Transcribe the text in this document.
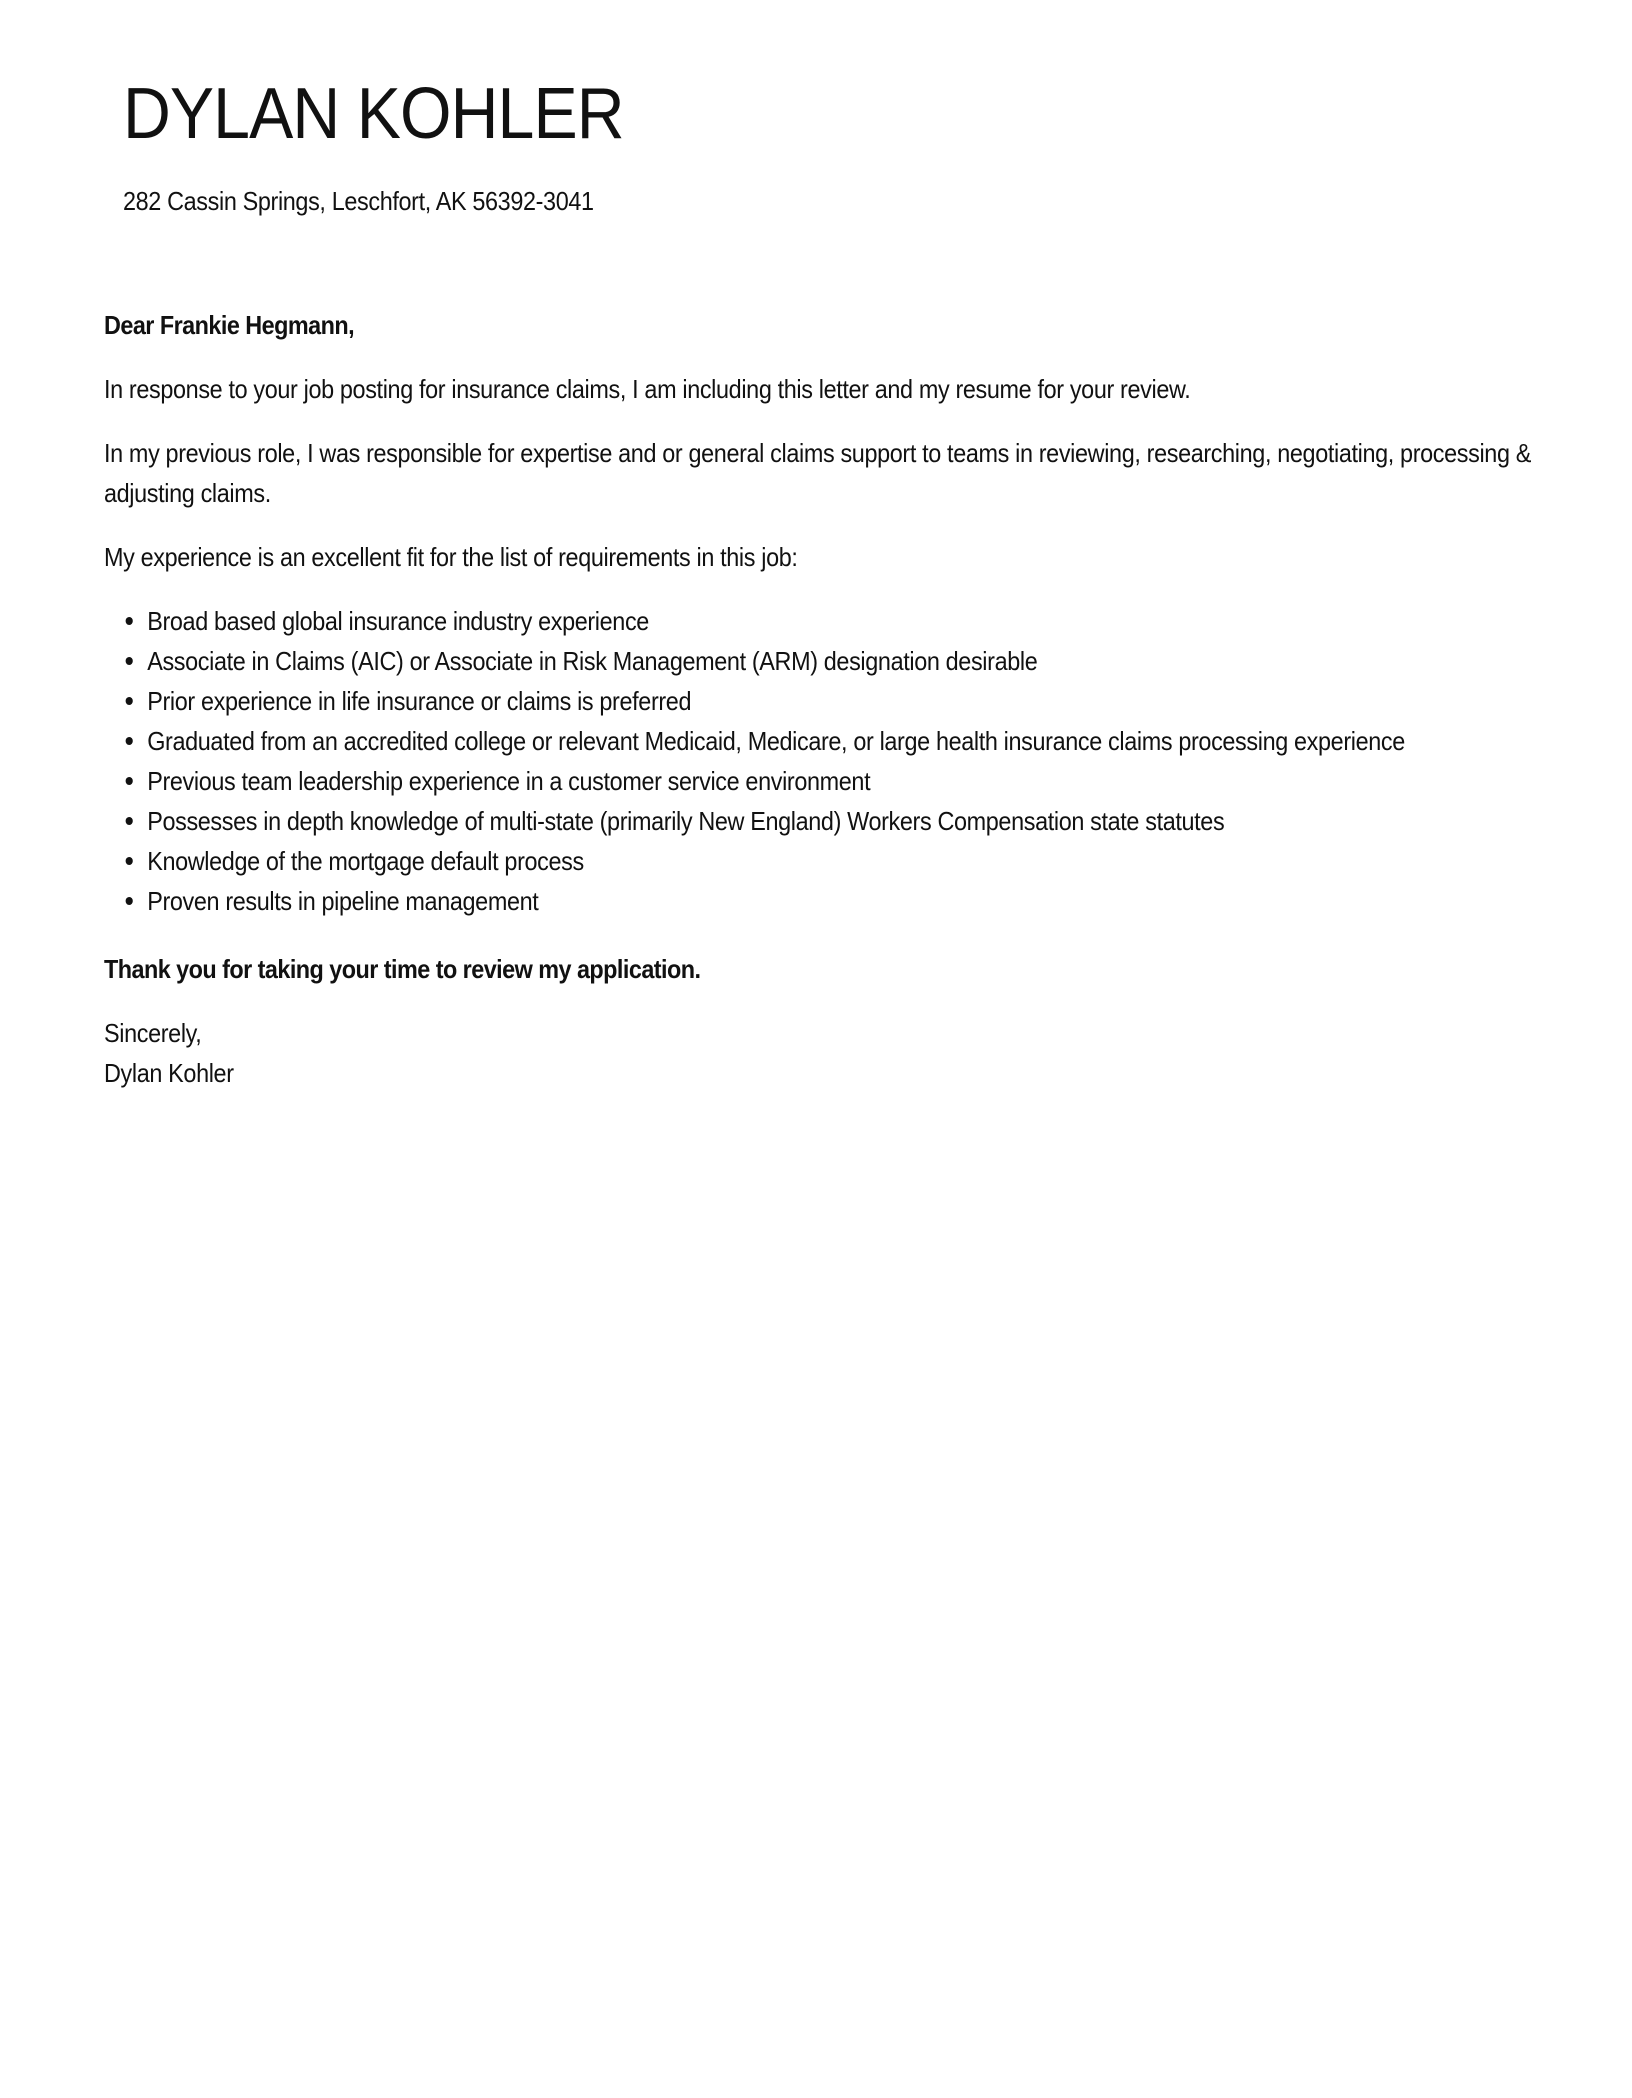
DYLAN KOHLER
282 Cassin Springs, Leschfort, AK 56392-3041

Dear Frankie Hegmann,

In response to your job posting for insurance claims, I am including this letter and my resume for your review.

In my previous role, I was responsible for expertise and or general claims support to teams in reviewing, researching, negotiating, processing & adjusting claims.

My experience is an excellent fit for the list of requirements in this job:

Broad based global insurance industry experience
Associate in Claims (AIC) or Associate in Risk Management (ARM) designation desirable
Prior experience in life insurance or claims is preferred
Graduated from an accredited college or relevant Medicaid, Medicare, or large health insurance claims processing experience
Previous team leadership experience in a customer service environment
Possesses in depth knowledge of multi-state (primarily New England) Workers Compensation state statutes
Knowledge of the mortgage default process
Proven results in pipeline management

Thank you for taking your time to review my application.

Sincerely,

Dylan Kohler
